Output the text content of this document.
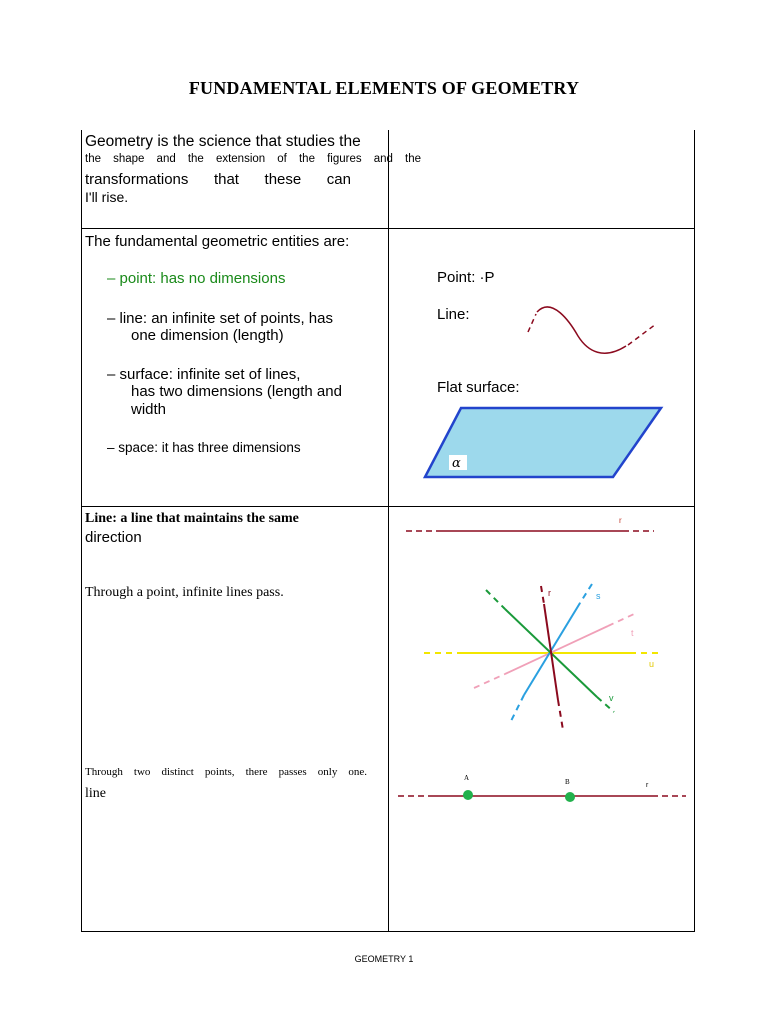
FUNDAMENTAL ELEMENTS OF GEOMETRY
Geometry is the science that studies the
the shape and the extension of the figures and the
transformations that these can
I'll rise.
The fundamental geometric entities are:
– point: has no dimensions
– line: an infinite set of points, has
one dimension (length)
– surface: infinite set of lines,
has two dimensions (length and
width
– space: it has three dimensions
Point: ·P
Line:
Flat surface:
Line: a line that maintains the same
direction
Through a point, infinite lines pass.
Through two distinct points, there passes only one.
line
α
r
r	s
t
u
v
A	B	r
GEOMETRY 1
